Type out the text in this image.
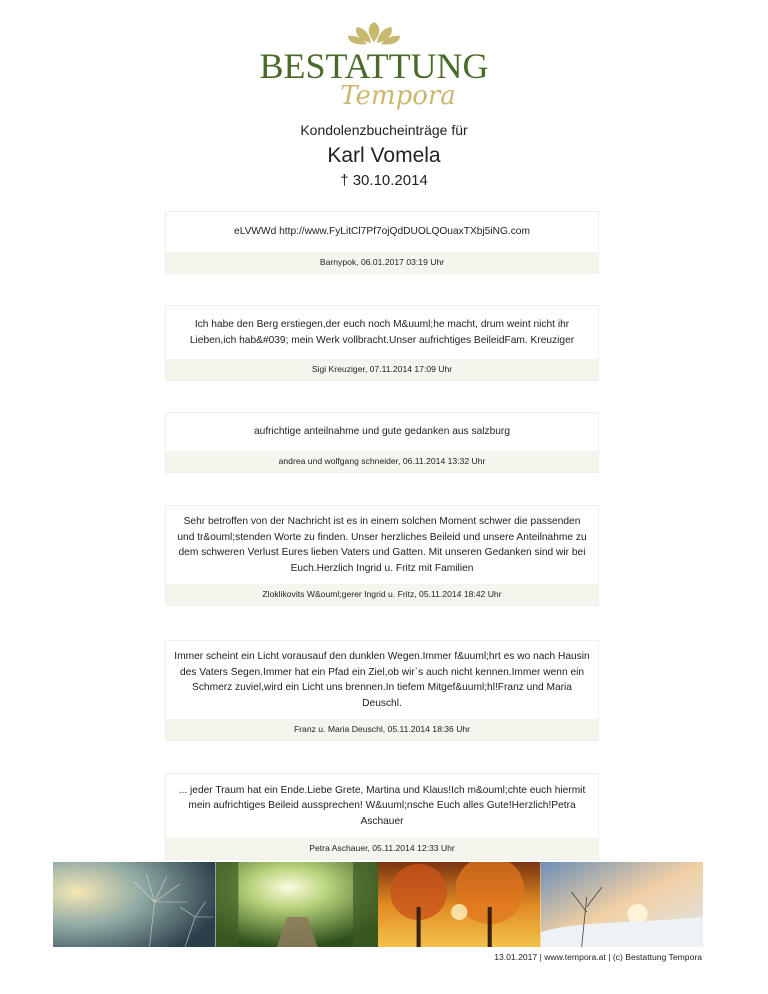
BESTATTUNG
Tempora
Kondolenzbucheinträge für
Karl Vomela
† 30.10.2014
eLVWWd http://www.FyLitCl7Pf7ojQdDUOLQOuaxTXbj5iNG.com
Barnypok, 06.01.2017 03:19 Uhr
Ich habe den Berg erstiegen,der euch noch M&uuml;he macht, drum weint nicht ihr Lieben,ich hab&#039; mein Werk vollbracht.Unser aufrichtiges BeileidFam. Kreuziger
Sigi Kreuziger, 07.11.2014 17:09 Uhr
aufrichtige anteilnahme und gute gedanken aus salzburg
andrea und wolfgang schneider, 06.11.2014 13:32 Uhr
Sehr betroffen von der Nachricht ist es in einem solchen Moment schwer die passenden und tr&ouml;stenden Worte zu finden. Unser herzliches Beileid und unsere Anteilnahme zu dem schweren Verlust Eures lieben Vaters und Gatten. Mit unseren Gedanken sind wir bei Euch.Herzlich Ingrid u. Fritz mit Familien
Zloklikovits W&ouml;gerer Ingrid u. Fritz, 05.11.2014 18:42 Uhr
Immer scheint ein Licht vorausauf den dunklen Wegen.Immer f&uuml;hrt es wo nach Hausin des Vaters Segen.Immer hat ein Pfad ein Ziel,ob wir`s auch nicht kennen.Immer wenn ein Schmerz zuviel,wird ein Licht uns brennen.In tiefem Mitgef&uuml;hl!Franz und Maria Deuschl.
Franz u. Maria Deuschl, 05.11.2014 18:36 Uhr
... jeder Traum hat ein Ende.Liebe Grete, Martina und Klaus!Ich m&ouml;chte euch hiermit mein aufrichtiges Beileid aussprechen! W&uuml;nsche Euch alles Gute!Herzlich!Petra Aschauer
Petra Aschauer, 05.11.2014 12:33 Uhr
13.01.2017 | www.tempora.at | (c) Bestattung Tempora
